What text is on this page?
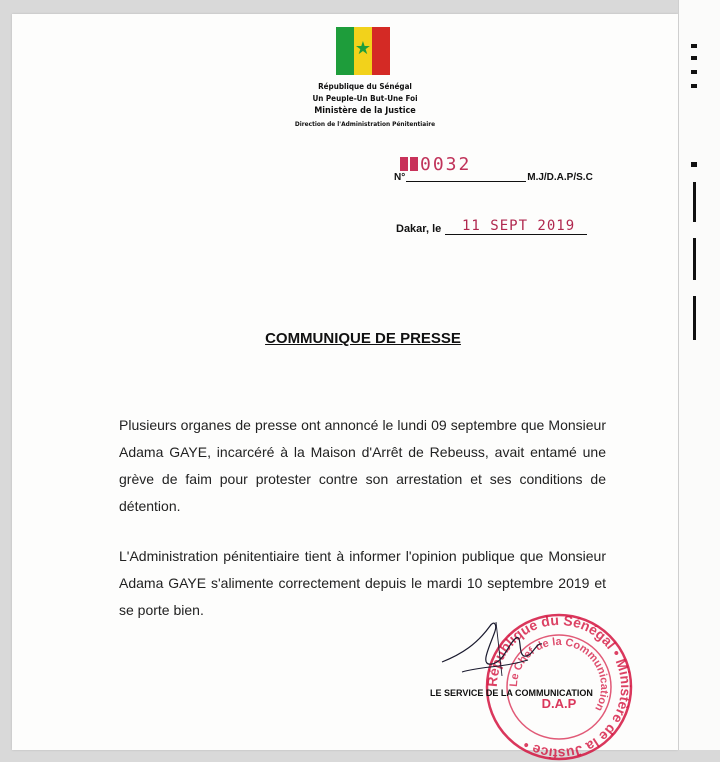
★
République du Sénégal
Un Peuple-Un But-Une Foi
Ministère de la Justice
Direction de l'Administration Pénitentiaire
0032
N°	M.J/D.A.P/S.C
Dakar, le	11 SEPT 2019
COMMUNIQUE DE PRESSE
Plusieurs organes de presse ont annoncé le lundi 09 septembre que Monsieur Adama GAYE, incarcéré à la Maison d'Arrêt de Rebeuss, avait entamé une grève de faim pour protester contre son arrestation et ses conditions de détention.
L'Administration pénitentiaire tient à informer l'opinion publique que Monsieur Adama GAYE s'alimente correctement depuis le mardi 10 septembre 2019 et se porte bien.
République du Sénégal • Ministère de la Justice •
Le Chef de la Communication
D.A.P
LE SERVICE DE LA COMMUNICATION
